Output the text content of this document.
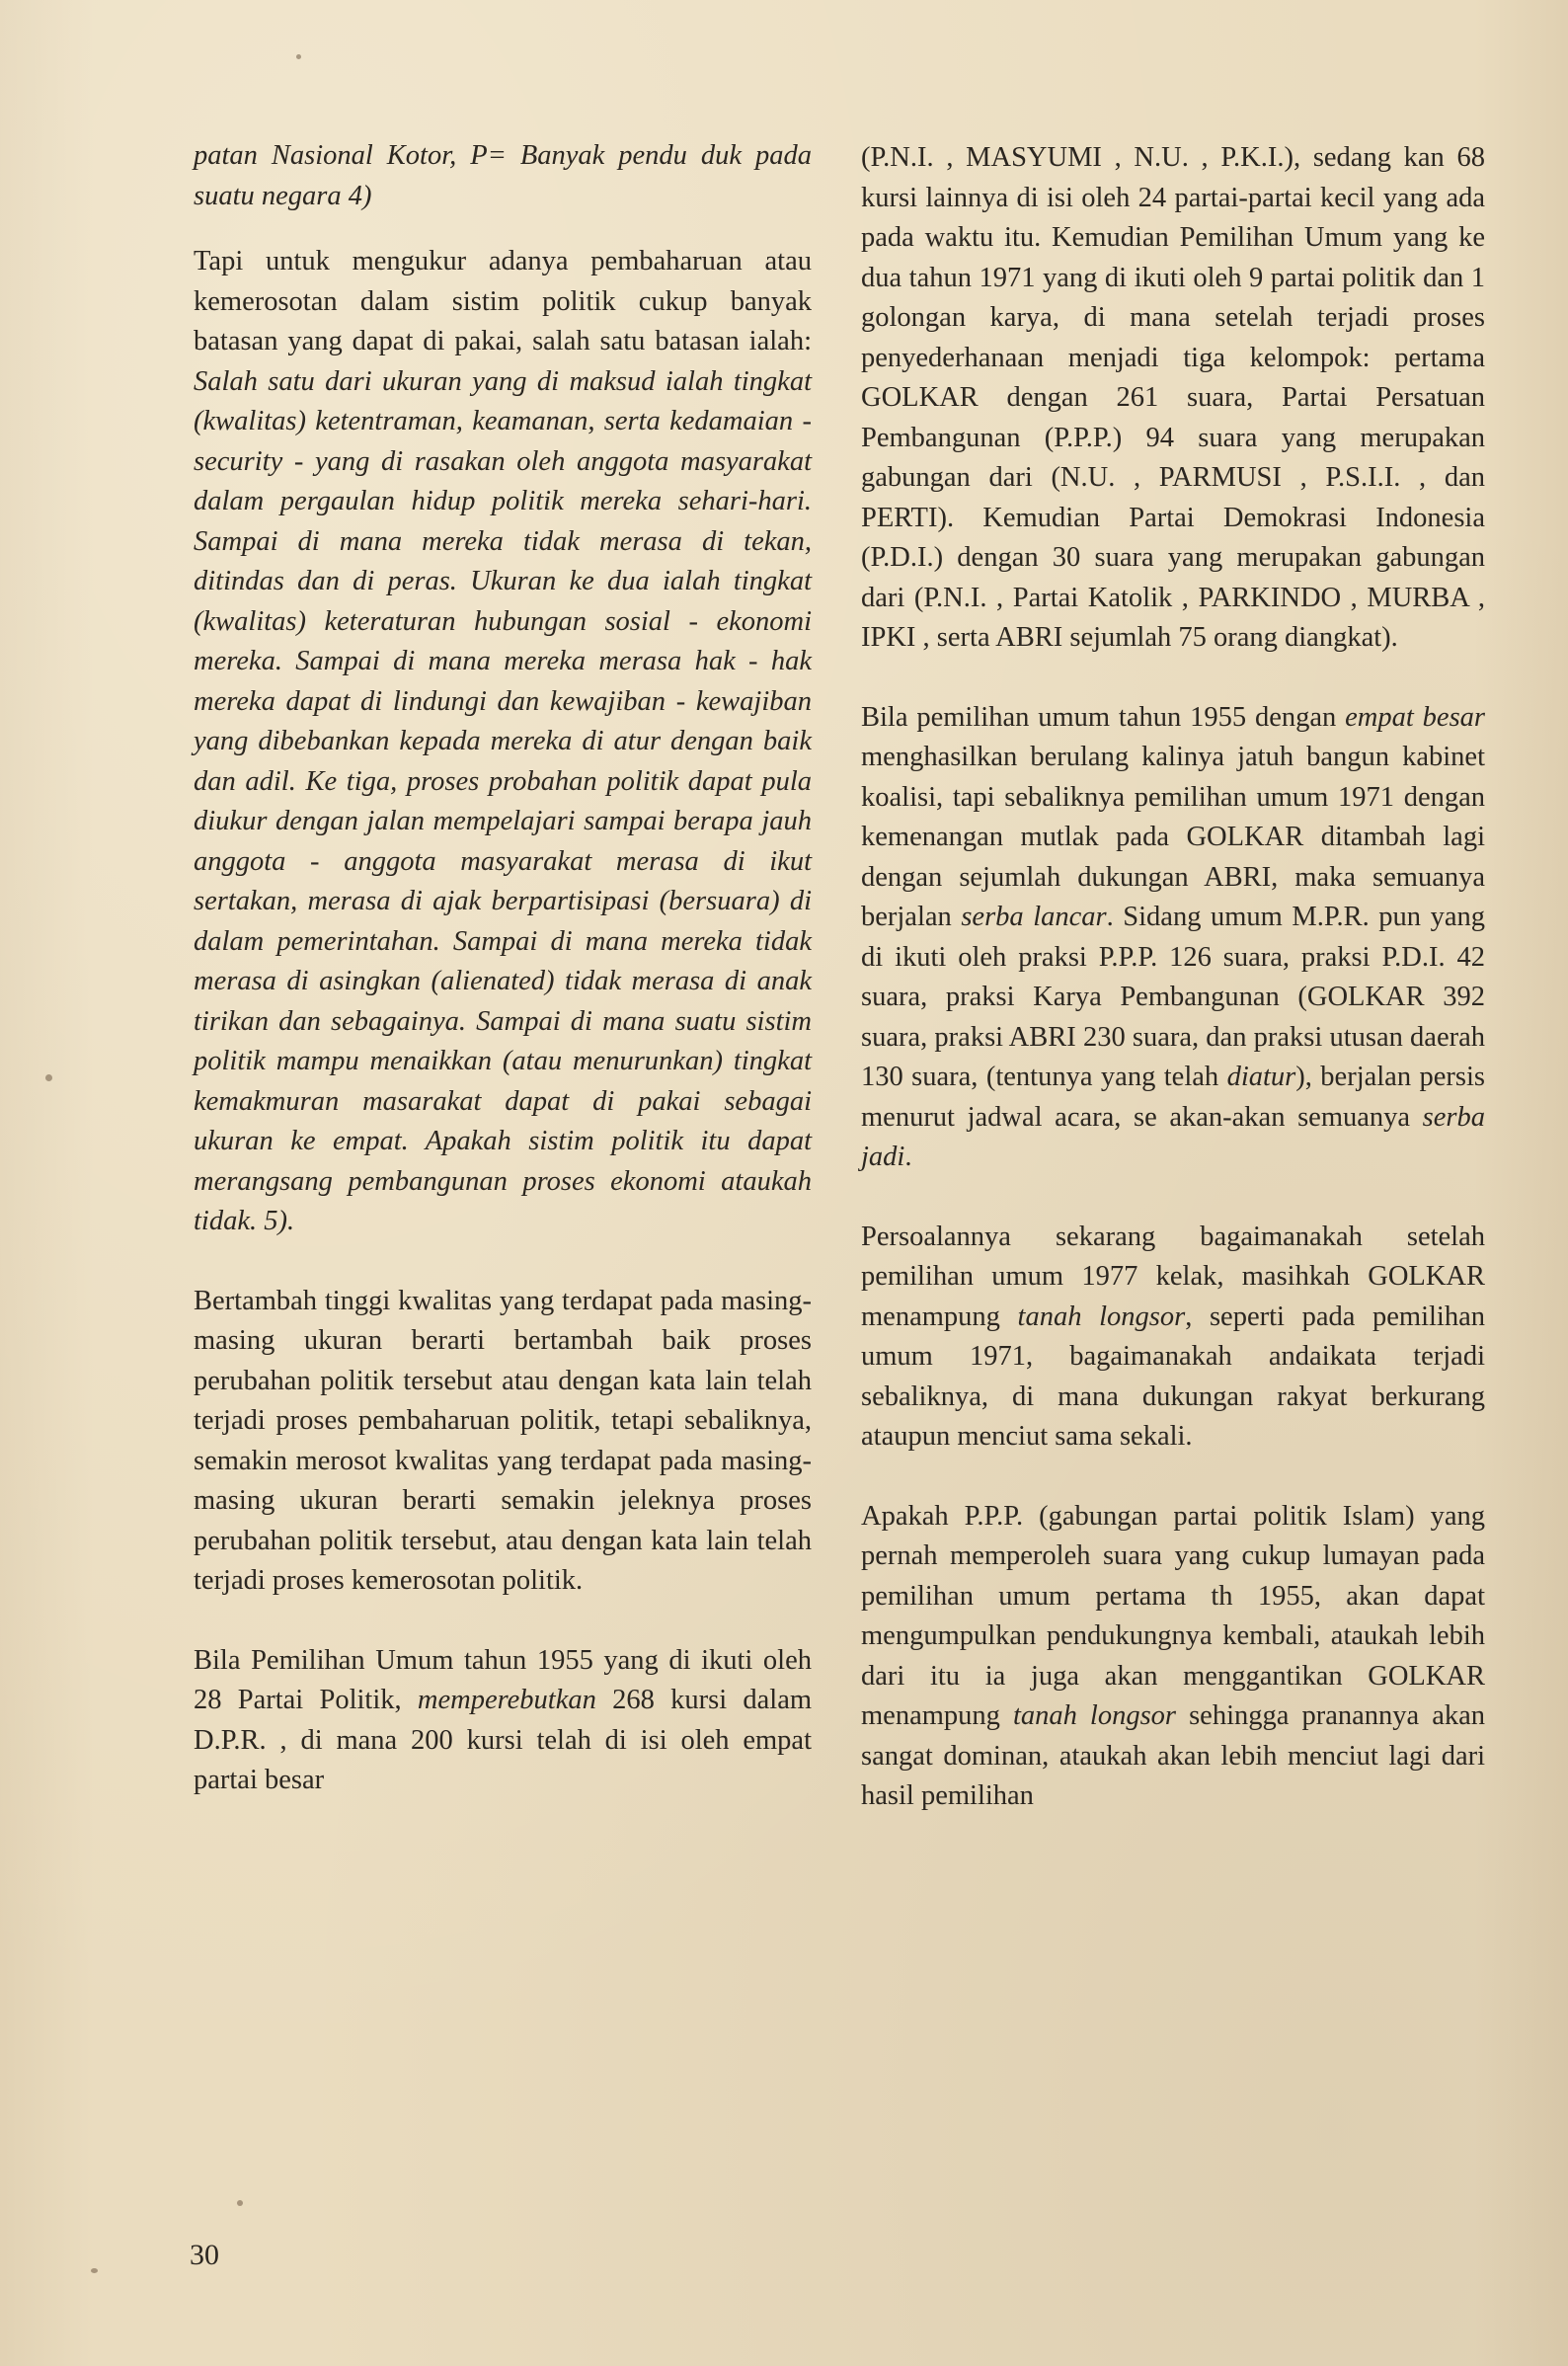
patan Nasional Kotor, P= Banyak pendu duk pada suatu negara 4)

Tapi untuk mengukur adanya pembaharuan atau kemerosotan dalam sistim politik cukup banyak batasan yang dapat di pakai, salah satu batasan ialah: Salah satu dari ukuran yang di maksud ialah tingkat (kwalitas) ketentraman, keamanan, serta kedamaian - security - yang di rasakan oleh anggota masyarakat dalam pergaulan hidup politik mereka sehari-hari. Sampai di mana mereka tidak merasa di tekan, ditindas dan di peras. Ukuran ke dua ialah tingkat (kwalitas) keteraturan hubungan sosial - ekonomi mereka. Sampai di mana mereka merasa hak - hak mereka dapat di lindungi dan kewajiban - kewajiban yang dibebankan kepada mereka di atur dengan baik dan adil. Ke tiga, proses probahan politik dapat pula diukur dengan jalan mempelajari sampai berapa jauh anggota - anggota masyarakat merasa di ikut sertakan, merasa di ajak berpartisipasi (bersuara) di dalam pemerintahan. Sampai di mana mereka tidak merasa di asingkan (alienated) tidak merasa di anak tirikan dan sebagainya. Sampai di mana suatu sistim politik mampu menaikkan (atau menurunkan) tingkat kemakmuran masarakat dapat di pakai sebagai ukuran ke empat. Apakah sistim politik itu dapat merangsang pembangunan proses ekonomi ataukah tidak. 5).

Bertambah tinggi kwalitas yang terdapat pada masing-masing ukuran berarti bertambah baik proses perubahan politik tersebut atau dengan kata lain telah terjadi proses pembaharuan politik, tetapi sebaliknya, semakin merosot kwalitas yang terdapat pada masing-masing ukuran berarti semakin jeleknya proses perubahan politik tersebut, atau dengan kata lain telah terjadi proses kemerosotan politik.

Bila Pemilihan Umum tahun 1955 yang di ikuti oleh 28 Partai Politik, memperebutkan 268 kursi dalam D.P.R. , di mana 200 kursi telah di isi oleh empat partai besar

(P.N.I. , MASYUMI , N.U. , P.K.I.), sedang kan 68 kursi lainnya di isi oleh 24 partai-partai kecil yang ada pada waktu itu. Kemudian Pemilihan Umum yang ke dua tahun 1971 yang di ikuti oleh 9 partai politik dan 1 golongan karya, di mana setelah terjadi proses penyederhanaan menjadi tiga kelompok: pertama GOLKAR dengan 261 suara, Partai Persatuan Pembangunan (P.P.P.) 94 suara yang merupakan gabungan dari (N.U. , PARMUSI , P.S.I.I. , dan PERTI). Kemudian Partai Demokrasi Indonesia (P.D.I.) dengan 30 suara yang merupakan gabungan dari (P.N.I. , Partai Katolik , PARKINDO , MURBA , IPKI , serta ABRI sejumlah 75 orang diangkat).

Bila pemilihan umum tahun 1955 dengan empat besar menghasilkan berulang kalinya jatuh bangun kabinet koalisi, tapi sebaliknya pemilihan umum 1971 dengan kemenangan mutlak pada GOLKAR ditambah lagi dengan sejumlah dukungan ABRI, maka semuanya berjalan serba lancar. Sidang umum M.P.R. pun yang di ikuti oleh praksi P.P.P. 126 suara, praksi P.D.I. 42 suara, praksi Karya Pembangunan (GOLKAR 392 suara, praksi ABRI 230 suara, dan praksi utusan daerah 130 suara, (tentunya yang telah diatur), berjalan persis menurut jadwal acara, se akan-akan semuanya serba jadi.
Persoalannya sekarang bagaimanakah setelah pemilihan umum 1977 kelak, masihkah GOLKAR menampung tanah longsor, seperti pada pemilihan umum 1971, bagaimanakah andaikata terjadi sebaliknya, di mana dukungan rakyat berkurang ataupun menciut sama sekali.
Apakah P.P.P. (gabungan partai politik Islam) yang pernah memperoleh suara yang cukup lumayan pada pemilihan umum pertama th 1955, akan dapat mengumpulkan pendukungnya kembali, ataukah lebih dari itu ia juga akan menggantikan GOLKAR menampung tanah longsor sehingga pranannya akan sangat dominan, ataukah akan lebih menciut lagi dari hasil pemilihan
30
